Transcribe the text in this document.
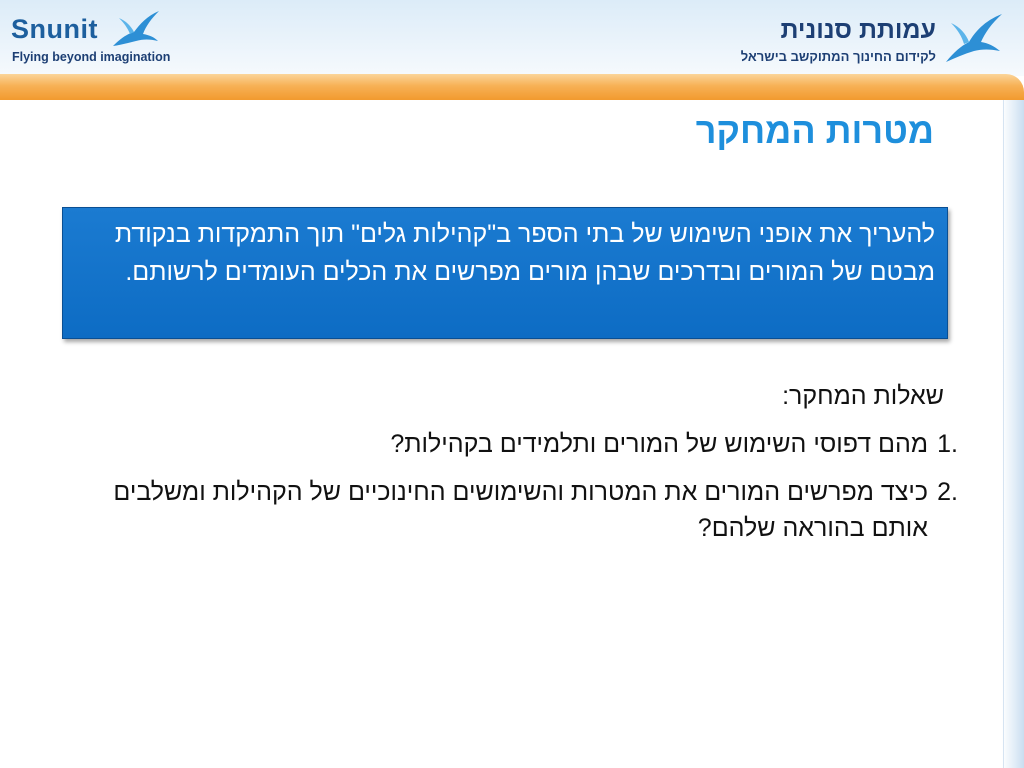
Snunit
Flying beyond imagination
עמותת סנונית
לקידום החינוך המתוקשב בישראל
מטרות המחקר
להעריך את אופני השימוש של בתי הספר ב"קהילות גלים" תוך התמקדות בנקודת מבטם של המורים ובדרכים שבהן מורים מפרשים את הכלים העומדים לרשותם.
שאלות המחקר:
1.
מהם דפוסי השימוש של המורים ותלמידים בקהילות?
2.
כיצד מפרשים המורים את המטרות והשימושים החינוכיים של הקהילות ומשלבים אותם בהוראה שלהם?
